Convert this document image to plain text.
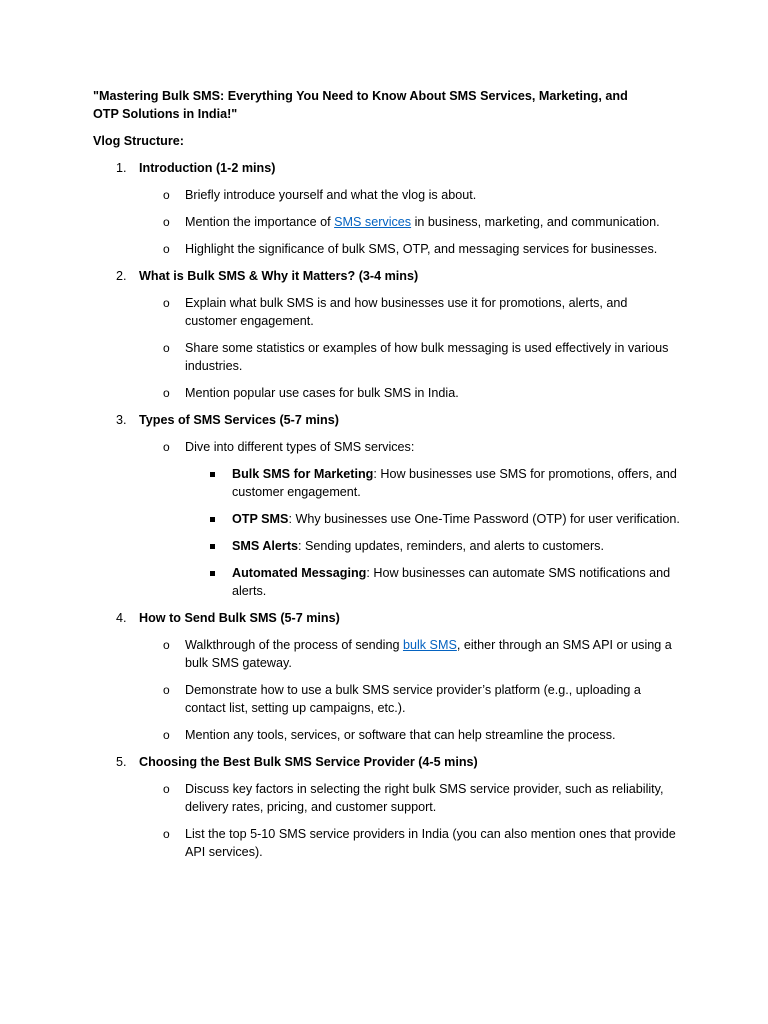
"Mastering Bulk SMS: Everything You Need to Know About SMS Services, Marketing, and OTP Solutions in India!"
Vlog Structure:
1. Introduction (1-2 mins)
o Briefly introduce yourself and what the vlog is about.
o Mention the importance of SMS services in business, marketing, and communication.
o Highlight the significance of bulk SMS, OTP, and messaging services for businesses.
2. What is Bulk SMS & Why it Matters? (3-4 mins)
o Explain what bulk SMS is and how businesses use it for promotions, alerts, and customer engagement.
o Share some statistics or examples of how bulk messaging is used effectively in various industries.
o Mention popular use cases for bulk SMS in India.
3. Types of SMS Services (5-7 mins)
o Dive into different types of SMS services:
Bulk SMS for Marketing: How businesses use SMS for promotions, offers, and customer engagement.
OTP SMS: Why businesses use One-Time Password (OTP) for user verification.
SMS Alerts: Sending updates, reminders, and alerts to customers.
Automated Messaging: How businesses can automate SMS notifications and alerts.
4. How to Send Bulk SMS (5-7 mins)
o Walkthrough of the process of sending bulk SMS, either through an SMS API or using a bulk SMS gateway.
o Demonstrate how to use a bulk SMS service provider’s platform (e.g., uploading a contact list, setting up campaigns, etc.).
o Mention any tools, services, or software that can help streamline the process.
5. Choosing the Best Bulk SMS Service Provider (4-5 mins)
o Discuss key factors in selecting the right bulk SMS service provider, such as reliability, delivery rates, pricing, and customer support.
o List the top 5-10 SMS service providers in India (you can also mention ones that provide API services).
